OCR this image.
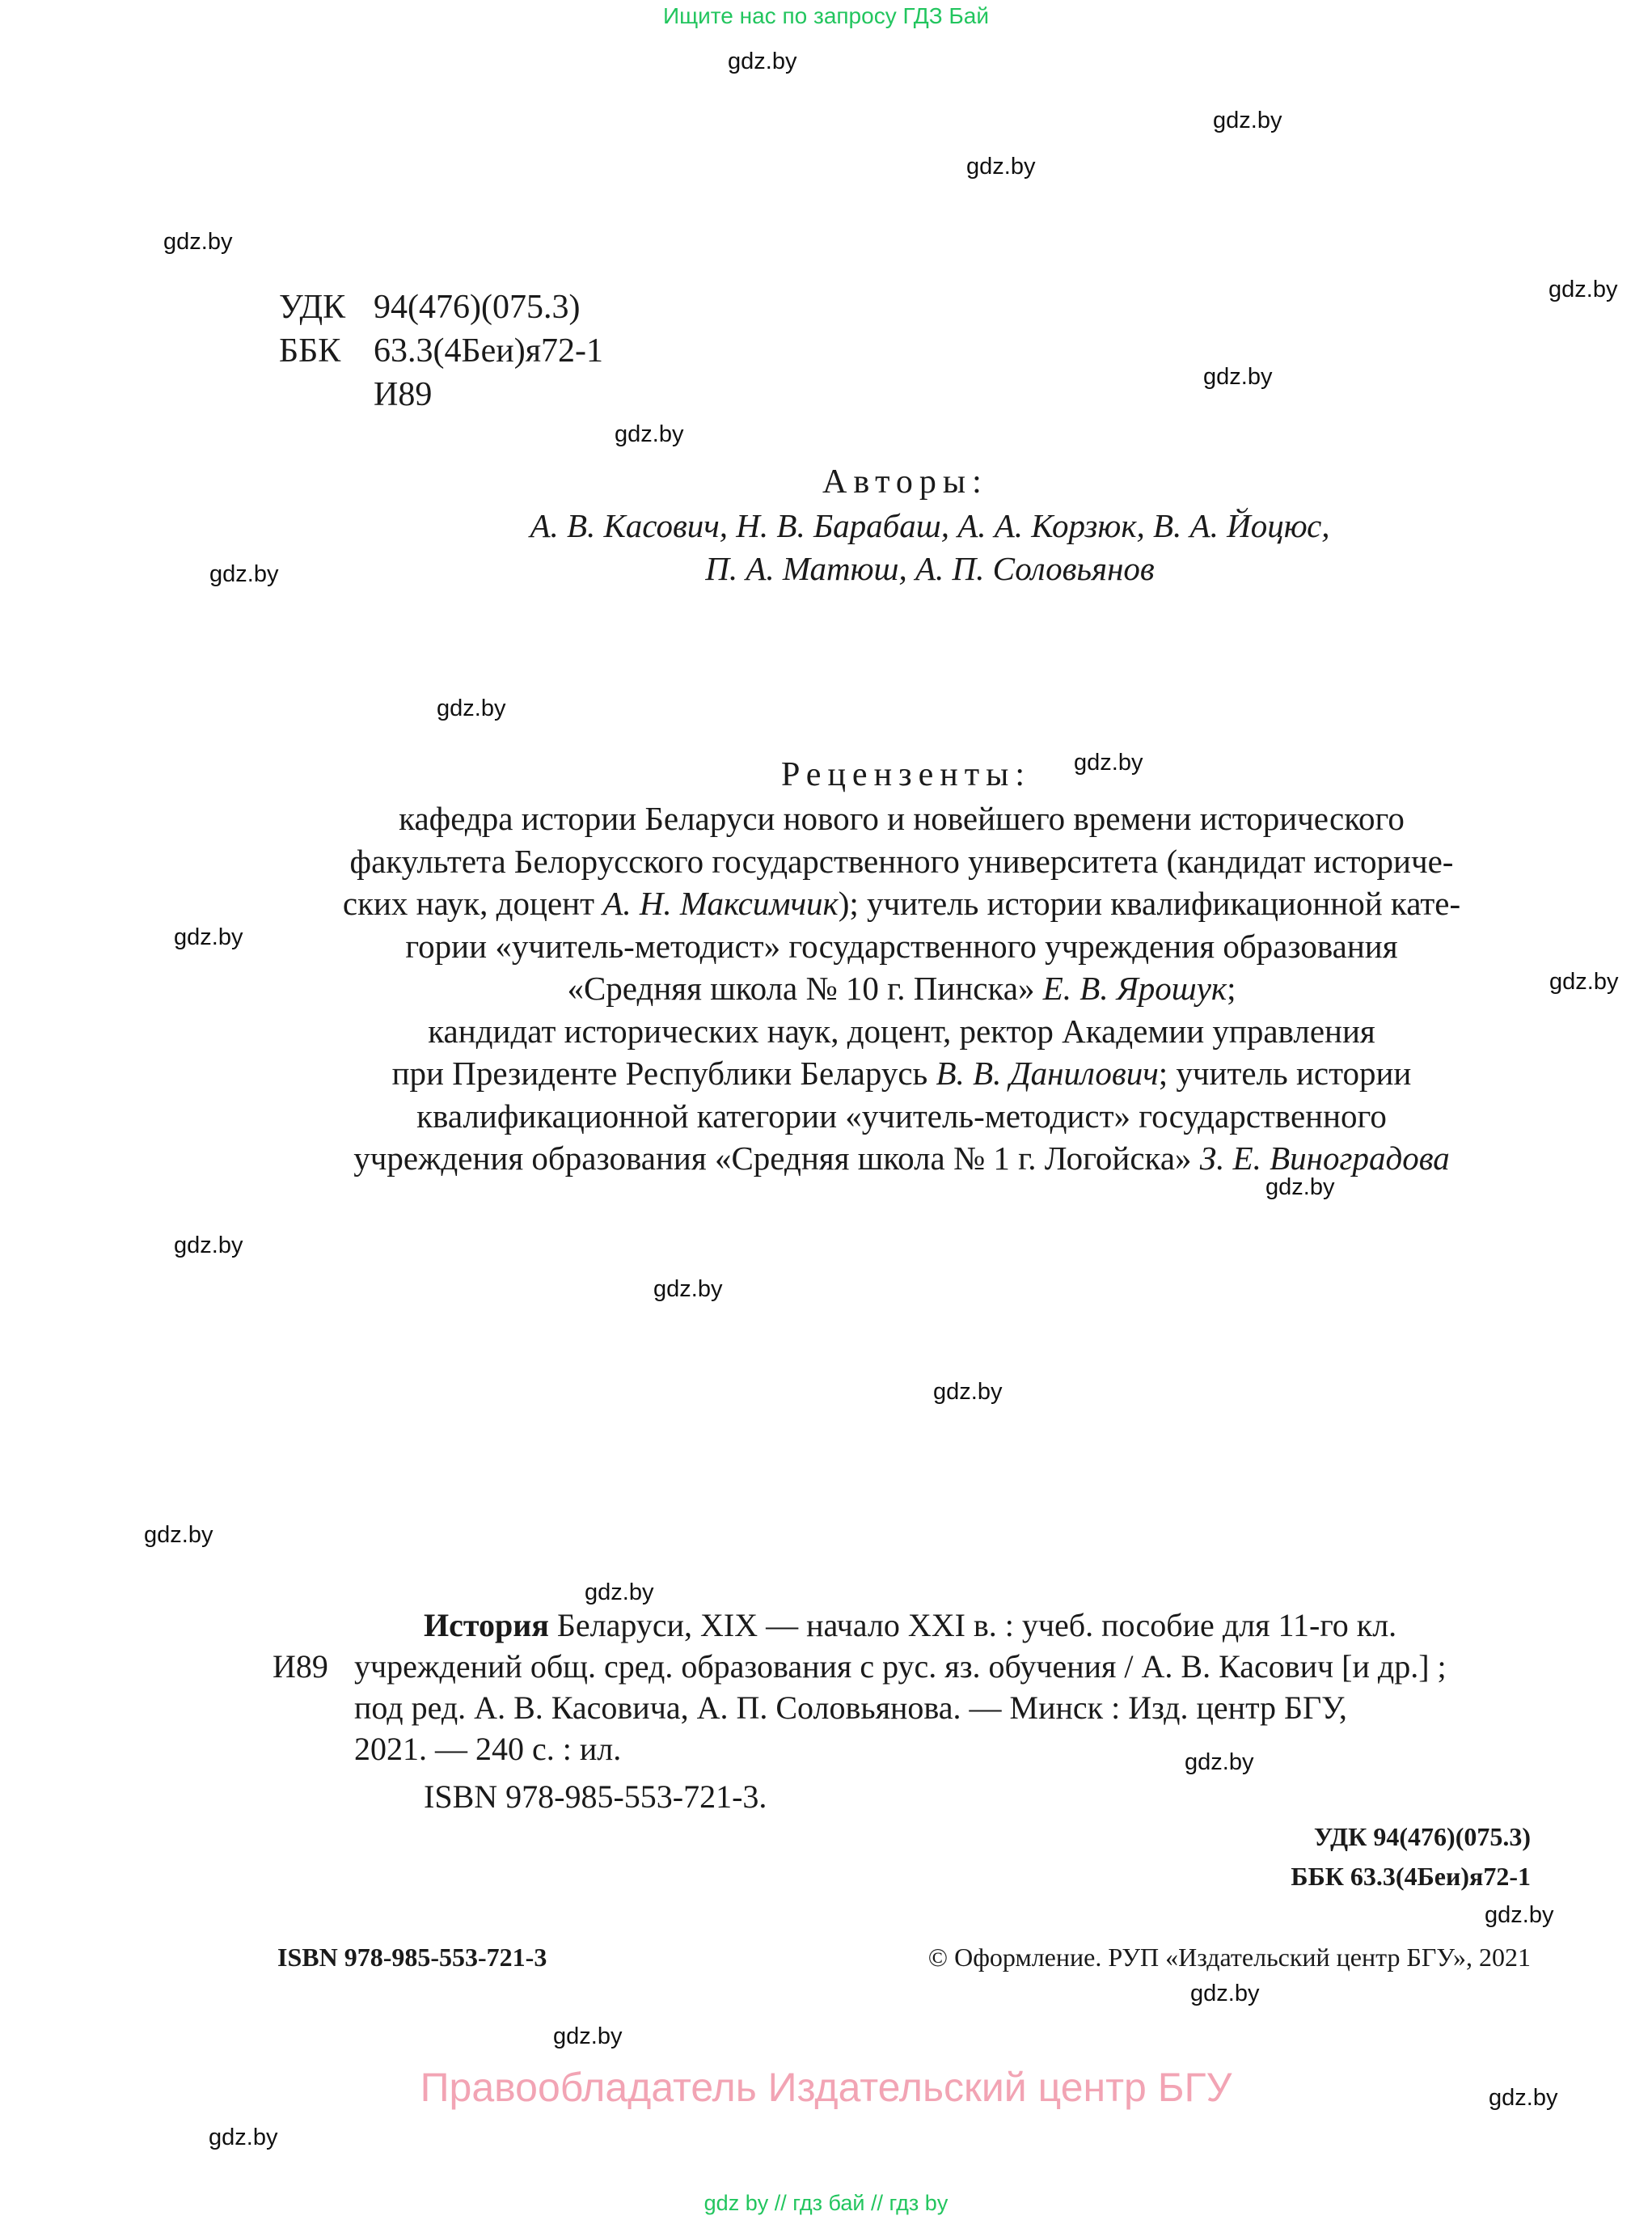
Ищите нас по запросу ГДЗ Бай
gdz.by
gdz.by
gdz.by
gdz.by
gdz.by
gdz.by
gdz.by
gdz.by
gdz.by
gdz.by
gdz.by
gdz.by
gdz.by
gdz.by
gdz.by
gdz.by
gdz.by
gdz.by
gdz.by
gdz.by
gdz.by
gdz.by
gdz.by
gdz.by
УДК 94(476)(075.3)
ББК 63.3(4Беи)я72-1
И89
Авторы:
А. В. Касович, Н. В. Барабаш, А. А. Корзюк, В. А. Йоцюс,
П. А. Матюш, А. П. Соловьянов
Рецензенты:
кафедра истории Беларуси нового и новейшего времени исторического
факультета Белорусского государственного университета (кандидат историче-
ских наук, доцент А. Н. Максимчик); учитель истории квалификационной кате-
гории «учитель-методист» государственного учреждения образования
«Средняя школа № 10 г. Пинска» Е. В. Ярошук;
кандидат исторических наук, доцент, ректор Академии управления
при Президенте Республики Беларусь В. В. Данилович; учитель истории
квалификационной категории «учитель-методист» государственного
учреждения образования «Средняя школа № 1 г. Логойска» З. Е. Виноградова
И89
История Беларуси, XIX — начало XXI в. : учеб. пособие для 11-го кл.
учреждений общ. сред. образования с рус. яз. обучения / А. В. Касович [и др.] ;
под ред. А. В. Касовича, А. П. Соловьянова. — Минск : Изд. центр БГУ,
2021. — 240 с. : ил.
ISBN 978-985-553-721-3.
УДК 94(476)(075.3)
ББК 63.3(4Беи)я72-1
ISBN 978-985-553-721-3	© Оформление. РУП «Издательский центр БГУ», 2021
Правообладатель Издательский центр БГУ
gdz by // гдз бай // гдз by
